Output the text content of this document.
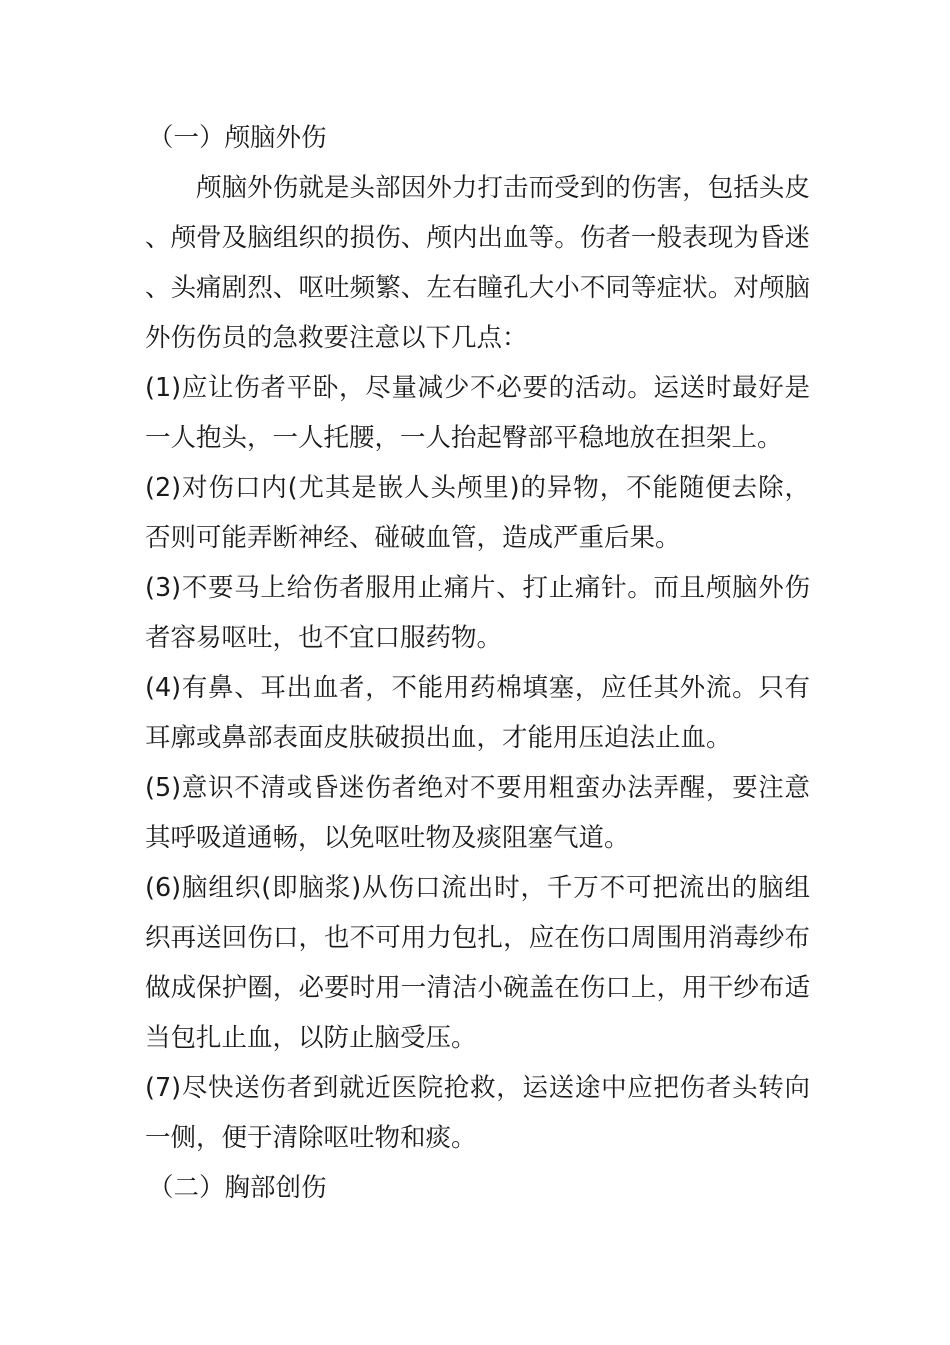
（一）颅脑外伤

颅脑外伤就是头部因外力打击而受到的伤害，包括头皮、颅骨及脑组织的损伤、颅内出血等。伤者一般表现为昏迷、头痛剧烈、呕吐频繁、左右瞳孔大小不同等症状。对颅脑外伤伤员的急救要注意以下几点：

(1)应让伤者平卧，尽量减少不必要的活动。运送时最好是一人抱头，一人托腰，一人抬起臀部平稳地放在担架上。

(2)对伤口内(尤其是嵌人头颅里)的异物，不能随便去除，否则可能弄断神经、碰破血管，造成严重后果。

(3)不要马上给伤者服用止痛片、打止痛针。而且颅脑外伤者容易呕吐，也不宜口服药物。

(4)有鼻、耳出血者，不能用药棉填塞，应任其外流。只有耳廓或鼻部表面皮肤破损出血，才能用压迫法止血。

(5)意识不清或昏迷伤者绝对不要用粗蛮办法弄醒，要注意其呼吸道通畅，以免呕吐物及痰阻塞气道。

(6)脑组织(即脑浆)从伤口流出时，千万不可把流出的脑组织再送回伤口，也不可用力包扎，应在伤口周围用消毒纱布做成保护圈，必要时用一清洁小碗盖在伤口上，用干纱布适当包扎止血，以防止脑受压。

(7)尽快送伤者到就近医院抢救，运送途中应把伤者头转向一侧，便于清除呕吐物和痰。

（二）胸部创伤
